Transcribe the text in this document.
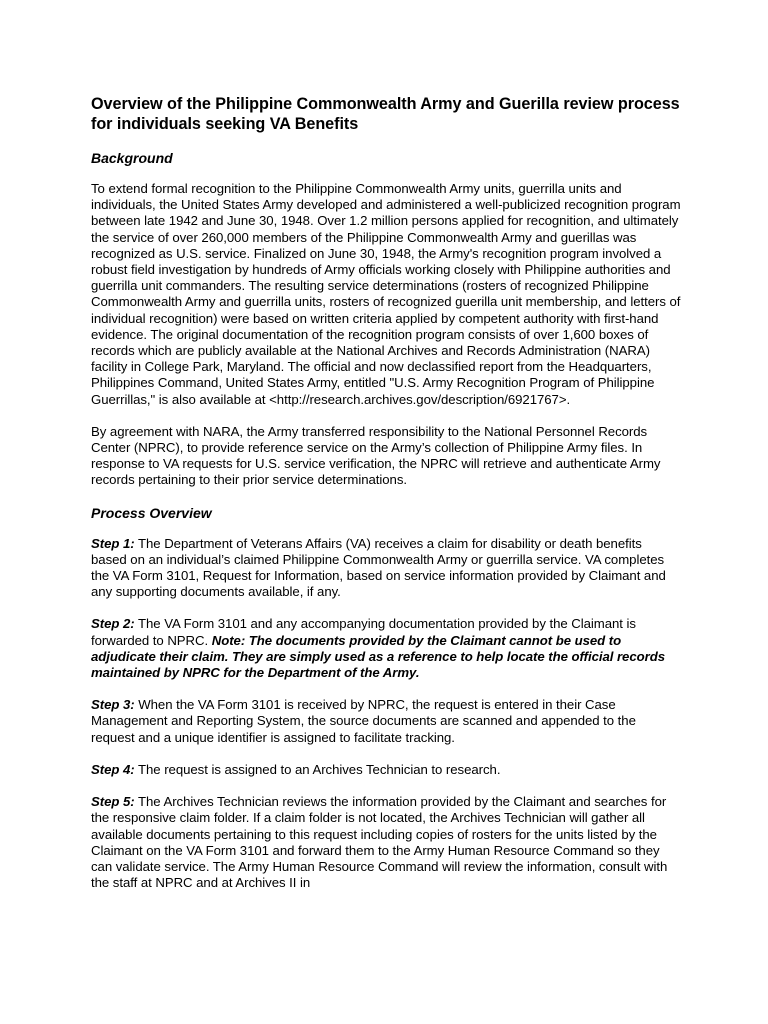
Overview of the Philippine Commonwealth Army and Guerilla review process for individuals seeking VA Benefits
Background

To extend formal recognition to the Philippine Commonwealth Army units, guerrilla units and individuals, the United States Army developed and administered a well-publicized recognition program between late 1942 and June 30, 1948. Over 1.2 million persons applied for recognition, and ultimately the service of over 260,000 members of the Philippine Commonwealth Army and guerillas was recognized as U.S. service. Finalized on June 30, 1948, the Army's recognition program involved a robust field investigation by hundreds of Army officials working closely with Philippine authorities and guerrilla unit commanders. The resulting service determinations (rosters of recognized Philippine Commonwealth Army and guerrilla units, rosters of recognized guerilla unit membership, and letters of individual recognition) were based on written criteria applied by competent authority with first-hand evidence. The original documentation of the recognition program consists of over 1,600 boxes of records which are publicly available at the National Archives and Records Administration (NARA) facility in College Park, Maryland. The official and now declassified report from the Headquarters, Philippines Command, United States Army, entitled "U.S. Army Recognition Program of Philippine Guerrillas," is also available at <http://research.archives.gov/description/6921767>.

By agreement with NARA, the Army transferred responsibility to the National Personnel Records Center (NPRC), to provide reference service on the Army’s collection of Philippine Army files. In response to VA requests for U.S. service verification, the NPRC will retrieve and authenticate Army records pertaining to their prior service determinations.

Process Overview

Step 1: The Department of Veterans Affairs (VA) receives a claim for disability or death benefits based on an individual’s claimed Philippine Commonwealth Army or guerrilla service. VA completes the VA Form 3101, Request for Information, based on service information provided by Claimant and any supporting documents available, if any.

Step 2: The VA Form 3101 and any accompanying documentation provided by the Claimant is forwarded to NPRC. Note: The documents provided by the Claimant cannot be used to adjudicate their claim. They are simply used as a reference to help locate the official records maintained by NPRC for the Department of the Army.

Step 3: When the VA Form 3101 is received by NPRC, the request is entered in their Case Management and Reporting System, the source documents are scanned and appended to the request and a unique identifier is assigned to facilitate tracking.

Step 4: The request is assigned to an Archives Technician to research.

Step 5: The Archives Technician reviews the information provided by the Claimant and searches for the responsive claim folder. If a claim folder is not located, the Archives Technician will gather all available documents pertaining to this request including copies of rosters for the units listed by the Claimant on the VA Form 3101 and forward them to the Army Human Resource Command so they can validate service. The Army Human Resource Command will review the information, consult with the staff at NPRC and at Archives II in
